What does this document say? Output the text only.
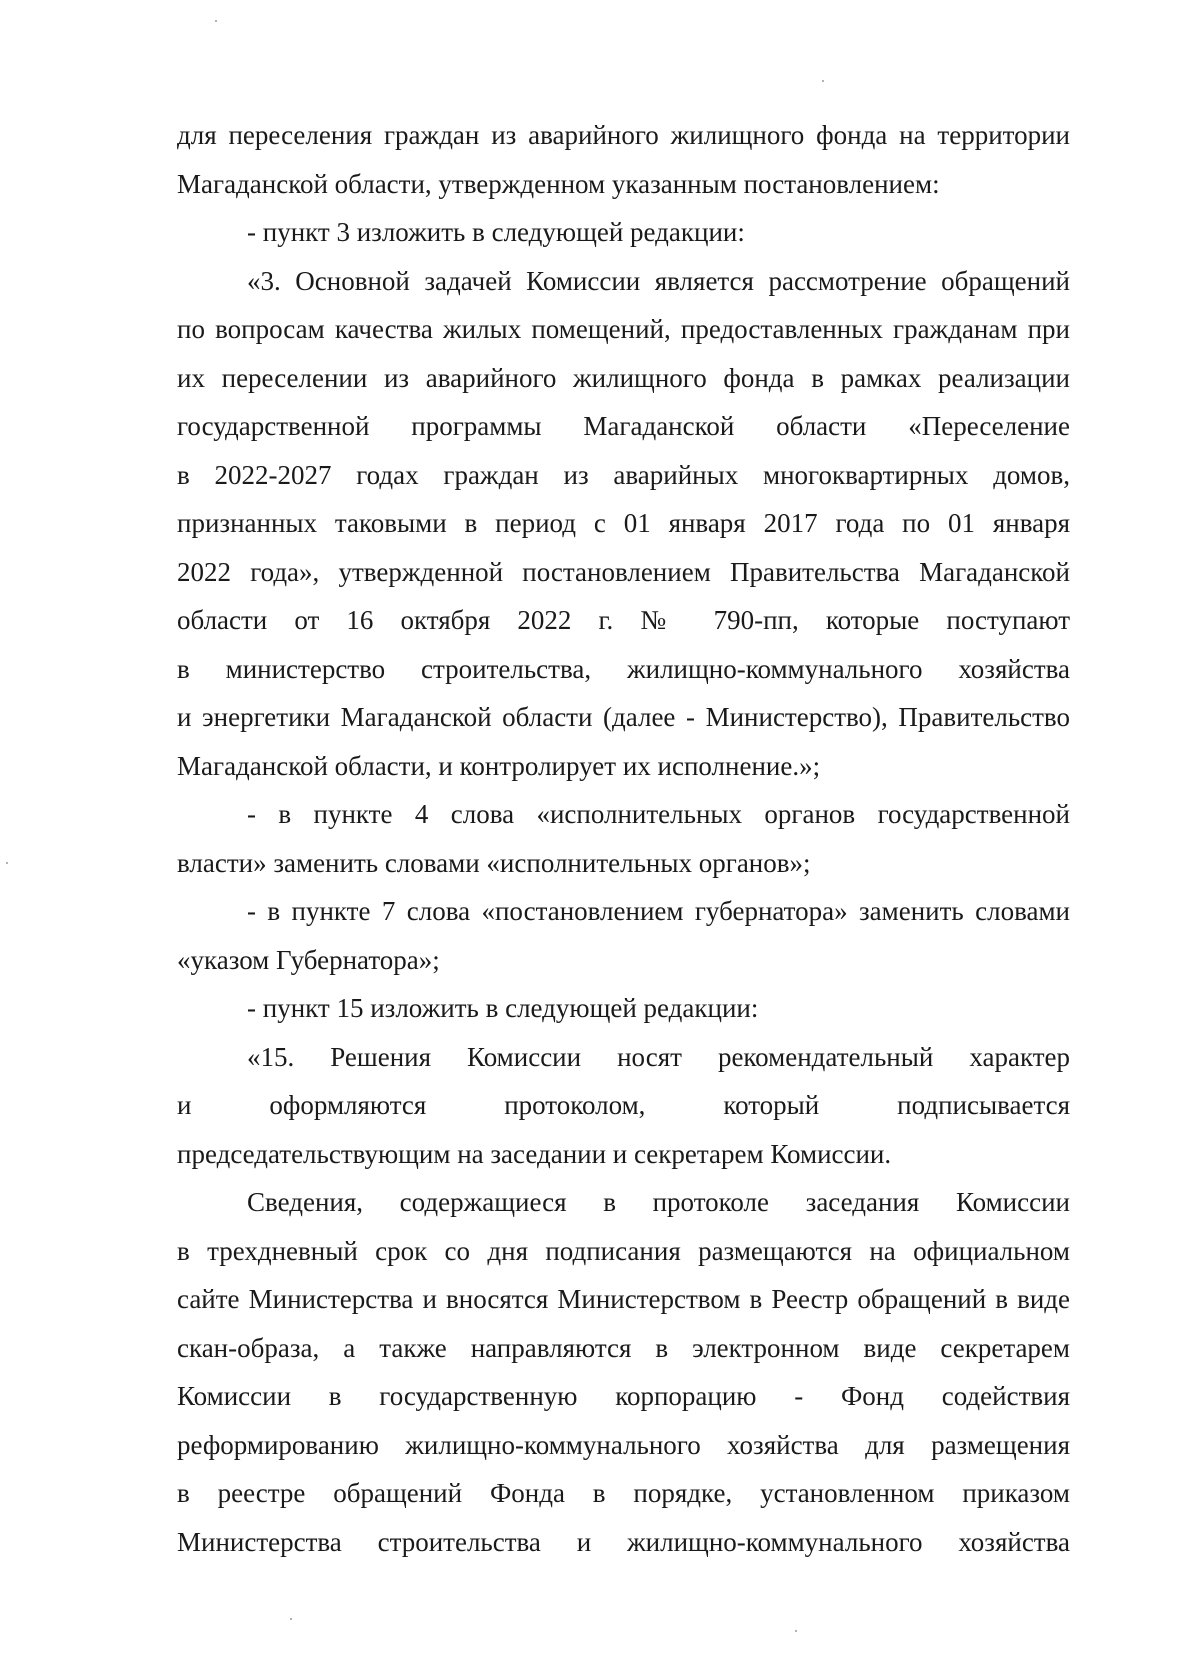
для переселения граждан из аварийного жилищного фонда на территории
Магаданской области, утвержденном указанным постановлением:
- пункт 3 изложить в следующей редакции:
«3. Основной задачей Комиссии является рассмотрение обращений
по вопросам качества жилых помещений, предоставленных гражданам при
их переселении из аварийного жилищного фонда в рамках реализации
государственной программы Магаданской области «Переселение
в 2022-2027 годах граждан из аварийных многоквартирных домов,
признанных таковыми в период с 01 января 2017 года по 01 января
2022 года», утвержденной постановлением Правительства Магаданской
области от 16 октября 2022 г. № 790-пп, которые поступают
в министерство строительства, жилищно-коммунального хозяйства
и энергетики Магаданской области (далее - Министерство), Правительство
Магаданской области, и контролирует их исполнение.»;
- в пункте 4 слова «исполнительных органов государственной
власти» заменить словами «исполнительных органов»;
- в пункте 7 слова «постановлением губернатора» заменить словами
«указом Губернатора»;
- пункт 15 изложить в следующей редакции:
«15. Решения Комиссии носят рекомендательный характер
и оформляются протоколом, который подписывается
председательствующим на заседании и секретарем Комиссии.
Сведения, содержащиеся в протоколе заседания Комиссии
в трехдневный срок со дня подписания размещаются на официальном
сайте Министерства и вносятся Министерством в Реестр обращений в виде
скан-образа, а также направляются в электронном виде секретарем
Комиссии в государственную корпорацию - Фонд содействия
реформированию жилищно-коммунального хозяйства для размещения
в реестре обращений Фонда в порядке, установленном приказом
Министерства строительства и жилищно-коммунального хозяйства
